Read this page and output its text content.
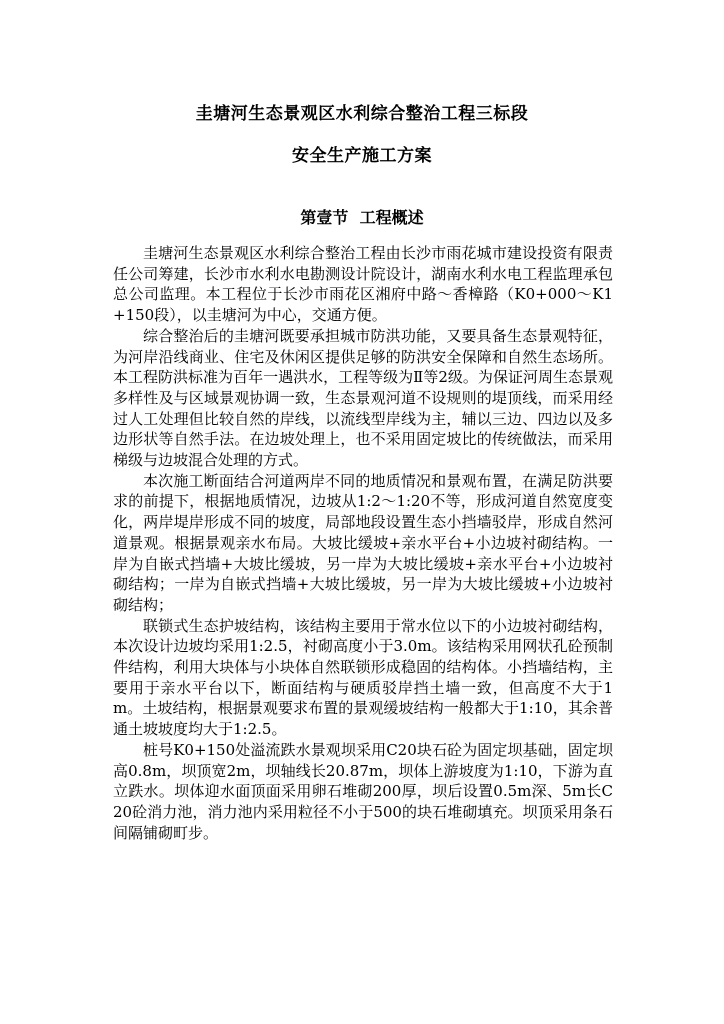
圭塘河生态景观区水利综合整治工程三标段
安全生产施工方案
第壹节  工程概述

圭塘河生态景观区水利综合整治工程由长沙市雨花城市建设投资有限责任公司筹建，长沙市水利水电勘测设计院设计，湖南水利水电工程监理承包总公司监理。本工程位于长沙市雨花区湘府中路～香樟路（K0+000～K1+150段），以圭塘河为中心，交通方便。

综合整治后的圭塘河既要承担城市防洪功能，又要具备生态景观特征，为河岸沿线商业、住宅及休闲区提供足够的防洪安全保障和自然生态场所。本工程防洪标准为百年一遇洪水，工程等级为Ⅱ等2级。为保证河周生态景观多样性及与区域景观协调一致，生态景观河道不设规则的堤顶线，而采用经过人工处理但比较自然的岸线，以流线型岸线为主，辅以三边、四边以及多边形状等自然手法。在边坡处理上，也不采用固定坡比的传统做法，而采用梯级与边坡混合处理的方式。

本次施工断面结合河道两岸不同的地质情况和景观布置，在满足防洪要求的前提下，根据地质情况，边坡从1:2～1:20不等，形成河道自然宽度变化，两岸堤岸形成不同的坡度，局部地段设置生态小挡墙驳岸，形成自然河道景观。根据景观亲水布局。大坡比缓坡+亲水平台+小边坡衬砌结构。一岸为自嵌式挡墙+大坡比缓坡，另一岸为大坡比缓坡+亲水平台+小边坡衬砌结构；一岸为自嵌式挡墙+大坡比缓坡，另一岸为大坡比缓坡+小边坡衬砌结构；

联锁式生态护坡结构，该结构主要用于常水位以下的小边坡衬砌结构，本次设计边坡均采用1:2.5，衬砌高度小于3.0m。该结构采用网状孔砼预制件结构，利用大块体与小块体自然联锁形成稳固的结构体。小挡墙结构，主要用于亲水平台以下，断面结构与硬质驳岸挡土墙一致，但高度不大于1m。土坡结构，根据景观要求布置的景观缓坡结构一般都大于1:10，其余普通土坡坡度均大于1:2.5。

桩号K0+150处溢流跌水景观坝采用C20块石砼为固定坝基础，固定坝高0.8m，坝顶宽2m，坝轴线长20.87m，坝体上游坡度为1:10，下游为直立跌水。坝体迎水面顶面采用卵石堆砌200厚，坝后设置0.5m深、5m长C20砼消力池，消力池内采用粒径不小于500的块石堆砌填充。坝顶采用条石间隔铺砌町步。
